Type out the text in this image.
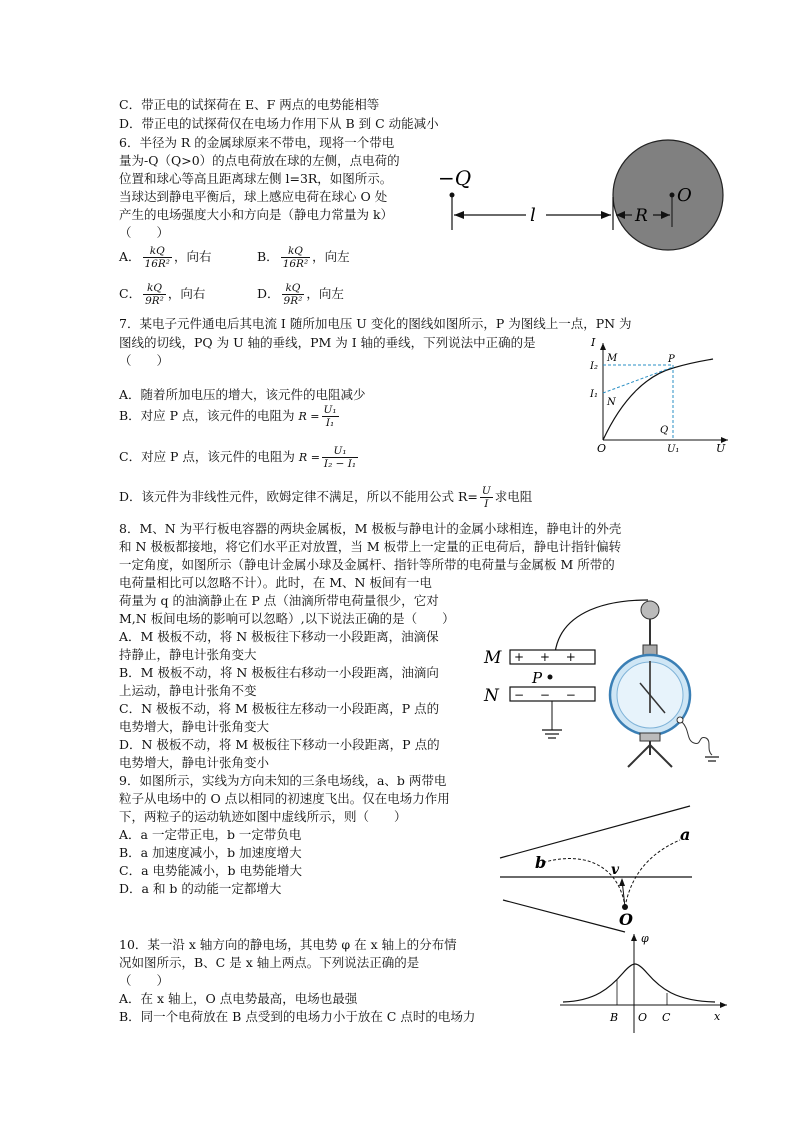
C．带正电的试探荷在 E、F 两点的电势能相等
D．带正电的试探荷仅在电场力作用下从 B 到 C 动能减小
6．半径为 R 的金属球原来不带电，现将一个带电
量为-Q（Q>0）的点电荷放在球的左侧，点电荷的
位置和球心等高且距离球左侧 l=3R，如图所示。
当球达到静电平衡后，球上感应电荷在球心 O 处
产生的电场强度大小和方向是（静电力常量为 k）
（　　）
A． $\frac{kQ}{\text{16R²}}$ ，向右	B． $\frac{kQ}{\text{16R²}}$ ，向左
C． $\frac{kQ}{\text{9R²}}$ ，向右	D． $\frac{kQ}{\text{9R²}}$ ，向左
O
−Q
l	R
7．某电子元件通电后其电流 I 随所加电压 U 变化的图线如图所示，P 为图线上一点，PN 为
图线的切线，PQ 为 U 轴的垂线，PM 为 I 轴的垂线，下列说法中正确的是
（　　）
A．随着所加电压的增大，该元件的电阻减少
B．对应 P 点，该元件的电阻为 $R = \frac{\text{U₁}}{\text{I₁}}$
C．对应 P 点，该元件的电阻为 $R = \frac{\text{U₁}}{\text{I₂ − I₁}}$
D．该元件为非线性元件，欧姆定律不满足，所以不能用公式 $R= \frac{U}{I}$ 求电阻
I
U
O
I₂
I₁
M
N
P
Q
U₁
8．M、N 为平行板电容器的两块金属板，M 极板与静电计的金属小球相连，静电计的外壳
和 N 极板都接地，将它们水平正对放置，当 M 板带上一定量的正电荷后，静电计指针偏转
一定角度，如图所示（静电计金属小球及金属杆、指针等所带的电荷量与金属板 M 所带的
电荷量相比可以忽略不计）。此时，在 M、N 板间有一电
荷量为 q 的油滴静止在 P 点（油滴所带电荷量很少，它对
M,N 板间电场的影响可以忽略）,以下说法正确的是（　　）
A．M 极板不动，将 N 极板往下移动一小段距离，油滴保
持静止，静电计张角变大
B．M 极板不动，将 N 极板往右移动一小段距离，油滴向
上运动，静电计张角不变
C．N 极板不动，将 M 极板往左移动一小段距离，P 点的
电势增大，静电计张角变大
D．N 极板不动，将 M 极板往下移动一小段距离，P 点的
电势增大，静电计张角变小
+ 　+ 　+
− 　− 　−
M
N
P
9．如图所示，实线为方向未知的三条电场线，a、b 两带电
粒子从电场中的 O 点以相同的初速度飞出。仅在电场力作用
下，两粒子的运动轨迹如图中虚线所示，则（　　）
A．a 一定带正电，b 一定带负电
B．a 加速度减小，b 加速度增大
C．a 电势能减小，b 电势能增大
D．a 和 b 的动能一定都增大
O
v
b
a
10．某一沿 x 轴方向的静电场，其电势 φ 在 x 轴上的分布情
况如图所示，B、C 是 x 轴上两点。下列说法正确的是
（　　）
A．在 x 轴上，O 点电势最高，电场也最强
B．同一个电荷放在 B 点受到的电场力小于放在 C 点时的电场力
φ
x
B O C
